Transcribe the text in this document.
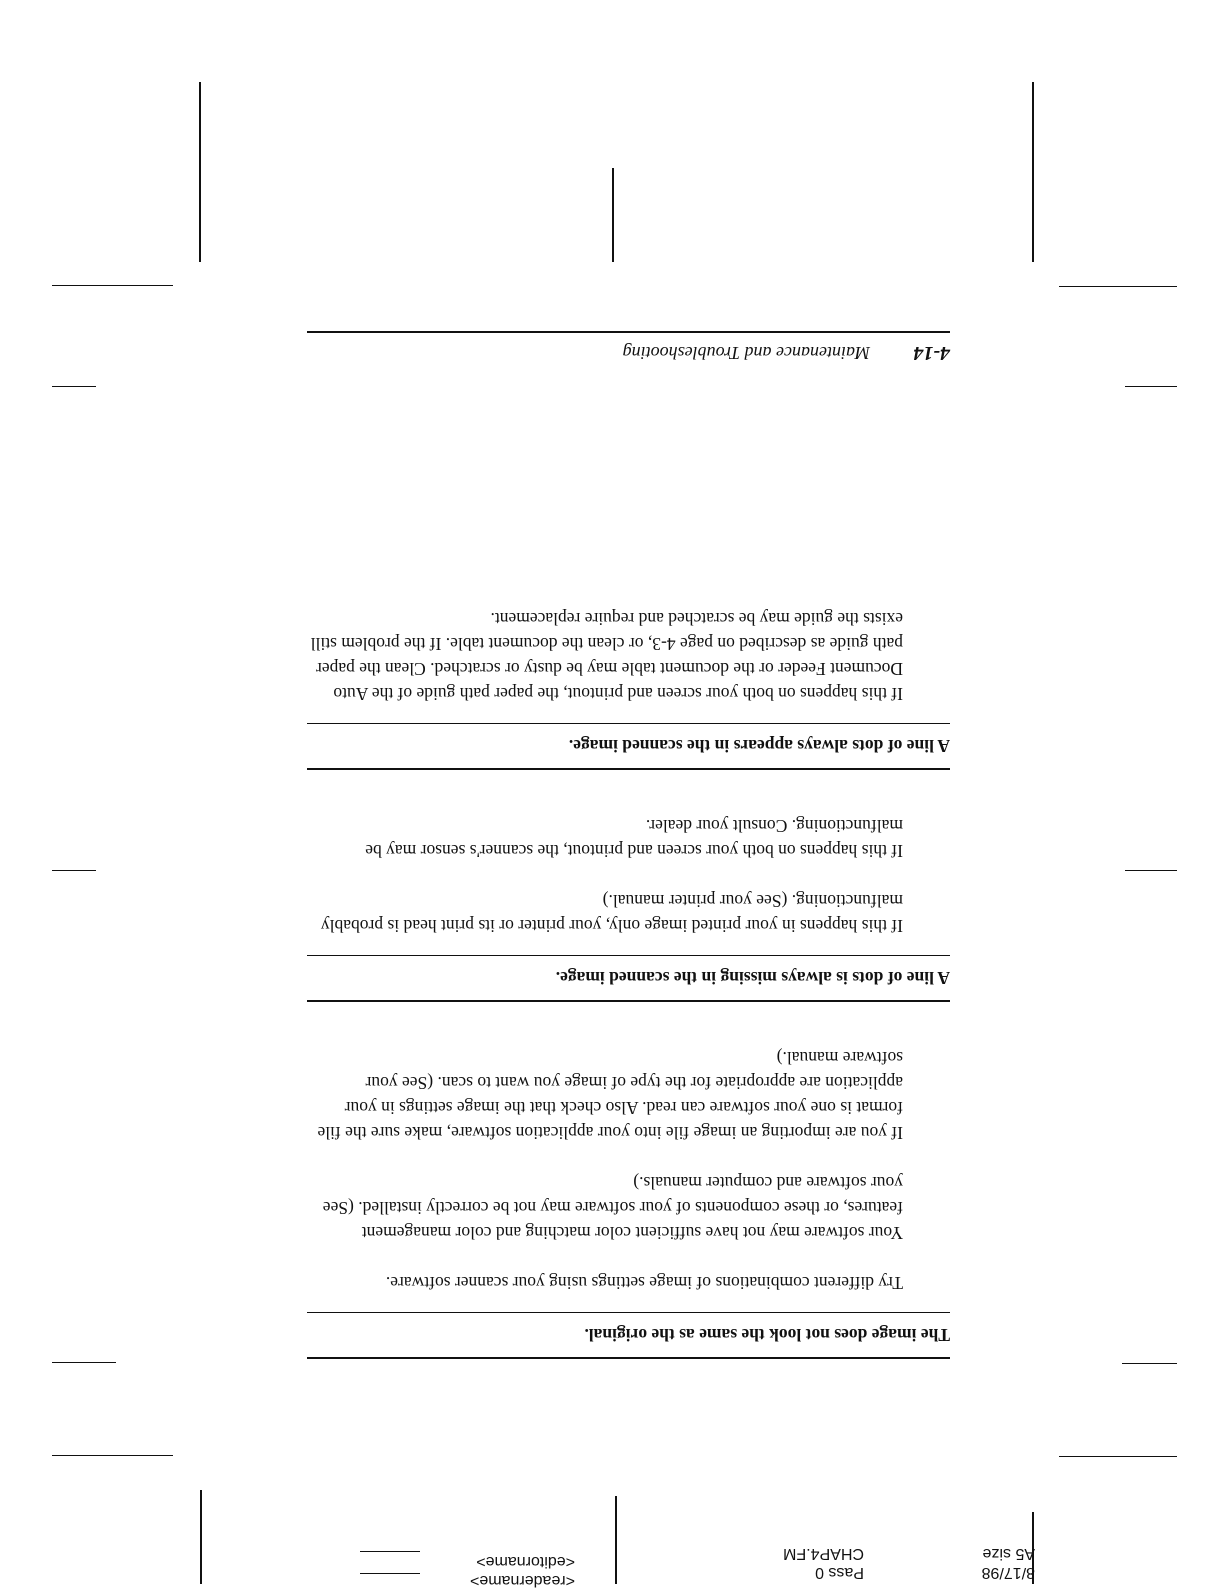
8/17/98
A5 size
Pass 0
CHAP4.FM
<readername>
<editorname>
4-14
Maintenance and Troubleshooting
The image does not look the same as the original.

Try different combinations of image settings using your scanner software.

Your software may not have sufficient color matching and color management features, or these components of your software may not be correctly installed. (See your software and computer manuals.)

If you are importing an image file into your application software, make sure the file format is one your software can read. Also check that the image settings in your application are appropriate for the type of image you want to scan. (See your software manual.)

A line of dots is always missing in the scanned image.

If this happens in your printed image only, your printer or its print head is probably malfunctioning. (See your printer manual.)

If this happens on both your screen and printout, the scanner's sensor may be malfunctioning. Consult your dealer.

A line of dots always appears in the scanned image.

If this happens on both your screen and printout, the paper path guide of the Auto Document Feeder or the document table may be dusty or scratched. Clean the paper path guide as described on page 4-3, or clean the document table. If the problem still exists the guide may be scratched and require replacement.
